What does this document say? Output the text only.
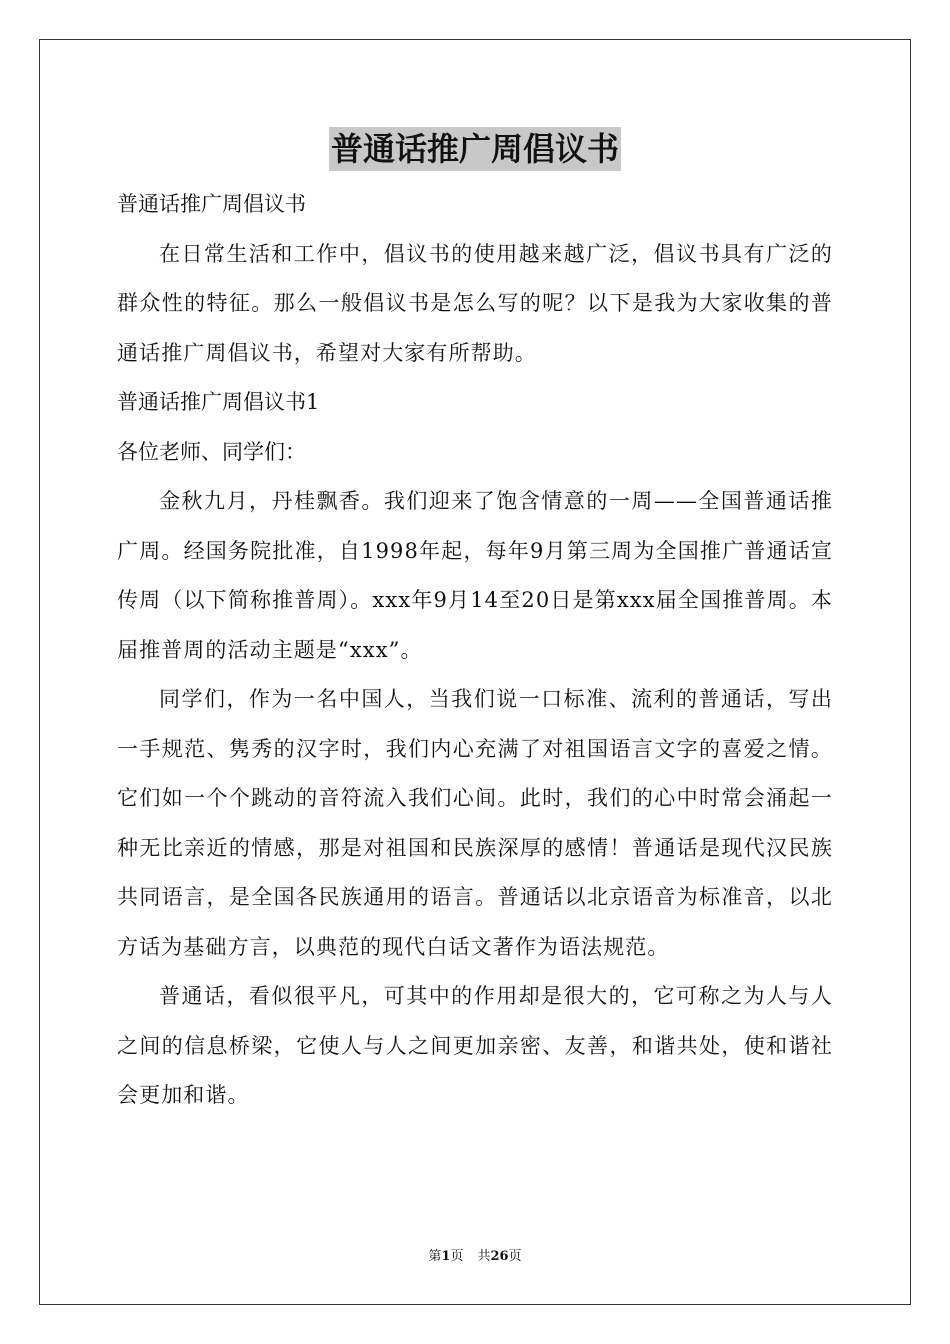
普通话推广周倡议书

普通话推广周倡议书

在日常生活和工作中，倡议书的使用越来越广泛，倡议书具有广泛的群众性的特征。那么一般倡议书是怎么写的呢？以下是我为大家收集的普通话推广周倡议书，希望对大家有所帮助。

普通话推广周倡议书1

各位老师、同学们：

金秋九月，丹桂飘香。我们迎来了饱含情意的一周——全国普通话推广周。经国务院批准，自1998年起，每年9月第三周为全国推广普通话宣传周（以下简称推普周）。xxx年9月14至20日是第xxx届全国推普周。本届推普周的活动主题是“xxx”。

同学们，作为一名中国人，当我们说一口标准、流利的普通话，写出一手规范、隽秀的汉字时，我们内心充满了对祖国语言文字的喜爱之情。它们如一个个跳动的音符流入我们心间。此时，我们的心中时常会涌起一种无比亲近的情感，那是对祖国和民族深厚的感情！普通话是现代汉民族共同语言，是全国各民族通用的语言。普通话以北京语音为标准音，以北方话为基础方言，以典范的现代白话文著作为语法规范。

普通话，看似很平凡，可其中的作用却是很大的，它可称之为人与人之间的信息桥梁，它使人与人之间更加亲密、友善，和谐共处，使和谐社会更加和谐。

第1页 共26页
